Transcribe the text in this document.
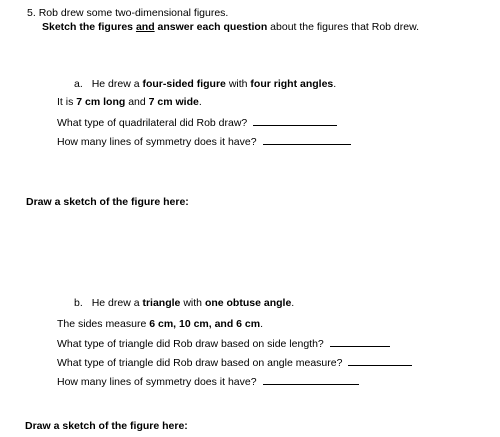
5. Rob drew some two-dimensional figures.
Sketch the figures and answer each question about the figures that Rob drew.
a. He drew a four-sided figure with four right angles.
It is 7 cm long and 7 cm wide.
What type of quadrilateral did Rob draw?
How many lines of symmetry does it have?
Draw a sketch of the figure here:
b. He drew a triangle with one obtuse angle.
The sides measure 6 cm, 10 cm, and 6 cm.
What type of triangle did Rob draw based on side length?
What type of triangle did Rob draw based on angle measure?
How many lines of symmetry does it have?
Draw a sketch of the figure here:
